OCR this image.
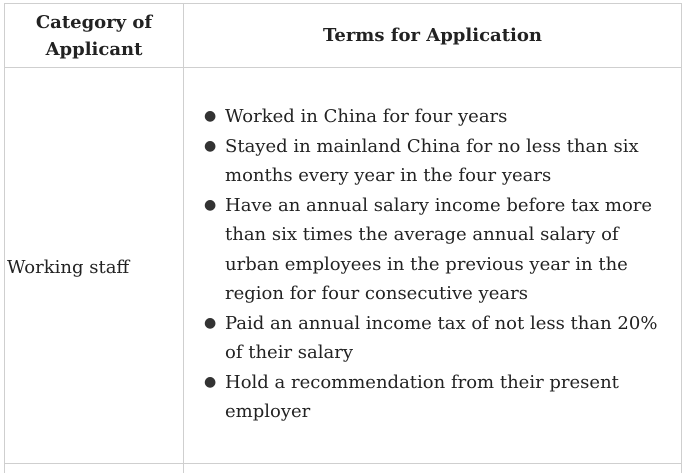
Category of Applicant
Terms for Application
Working staff
● Worked in China for four years
● Stayed in mainland China for no less than six months every year in the four years
● Have an annual salary income before tax more than six times the average annual salary of urban employees in the previous year in the region for four consecutive years
● Paid an annual income tax of not less than 20% of their salary
● Hold a recommendation from their present employer
